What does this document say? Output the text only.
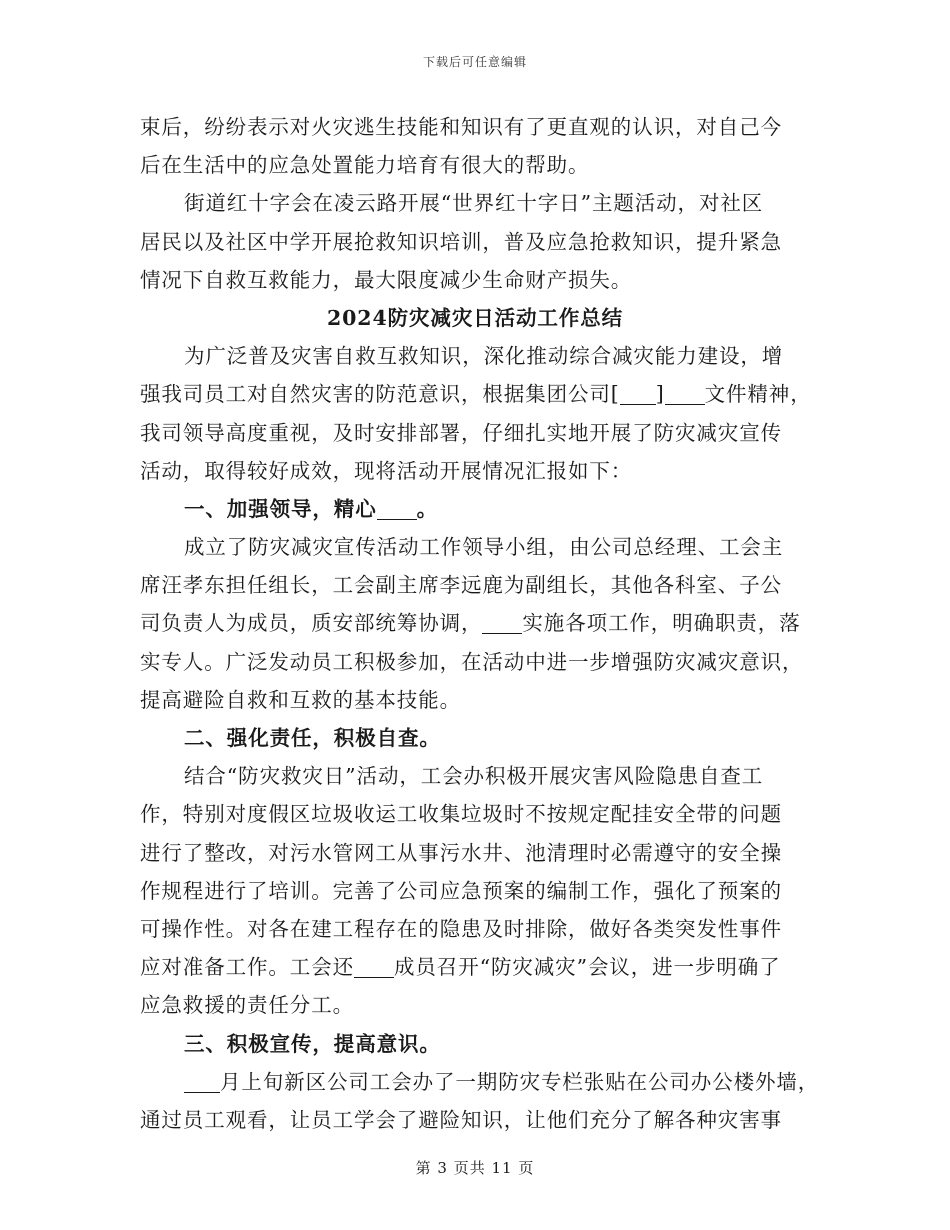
下载后可任意编辑
束后，纷纷表示对火灾逃生技能和知识有了更直观的认识，对自己今
后在生活中的应急处置能力培育有很大的帮助。
街道红十字会在凌云路开展“世界红十字日”主题活动，对社区
居民以及社区中学开展抢救知识培训，普及应急抢救知识，提升紧急
情况下自救互救能力，最大限度减少生命财产损失。
2024防灾减灾日活动工作总结
为广泛普及灾害自救互救知识，深化推动综合减灾能力建设，增
强我司员工对自然灾害的防范意识，根据集团公司[ ] 文件精神，
我司领导高度重视，及时安排部署，仔细扎实地开展了防灾减灾宣传
活动，取得较好成效，现将活动开展情况汇报如下：
一、加强领导，精心 。
成立了防灾减灾宣传活动工作领导小组，由公司总经理、工会主
席汪孝东担任组长，工会副主席李远鹿为副组长，其他各科室、子公
司负责人为成员，质安部统筹协调， 实施各项工作，明确职责，落
实专人。广泛发动员工积极参加，在活动中进一步增强防灾减灾意识，
提高避险自救和互救的基本技能。
二、强化责任，积极自查。
结合“防灾救灾日”活动，工会办积极开展灾害风险隐患自查工
作，特别对度假区垃圾收运工收集垃圾时不按规定配挂安全带的问题
进行了整改，对污水管网工从事污水井、池清理时必需遵守的安全操
作规程进行了培训。完善了公司应急预案的编制工作，强化了预案的
可操作性。对各在建工程存在的隐患及时排除，做好各类突发性事件
应对准备工作。工会还 成员召开“防灾减灾”会议，进一步明确了
应急救援的责任分工。
三、积极宣传，提高意识。
月上旬新区公司工会办了一期防灾专栏张贴在公司办公楼外墙，
通过员工观看，让员工学会了避险知识，让他们充分了解各种灾害事
第 3 页共 11 页
